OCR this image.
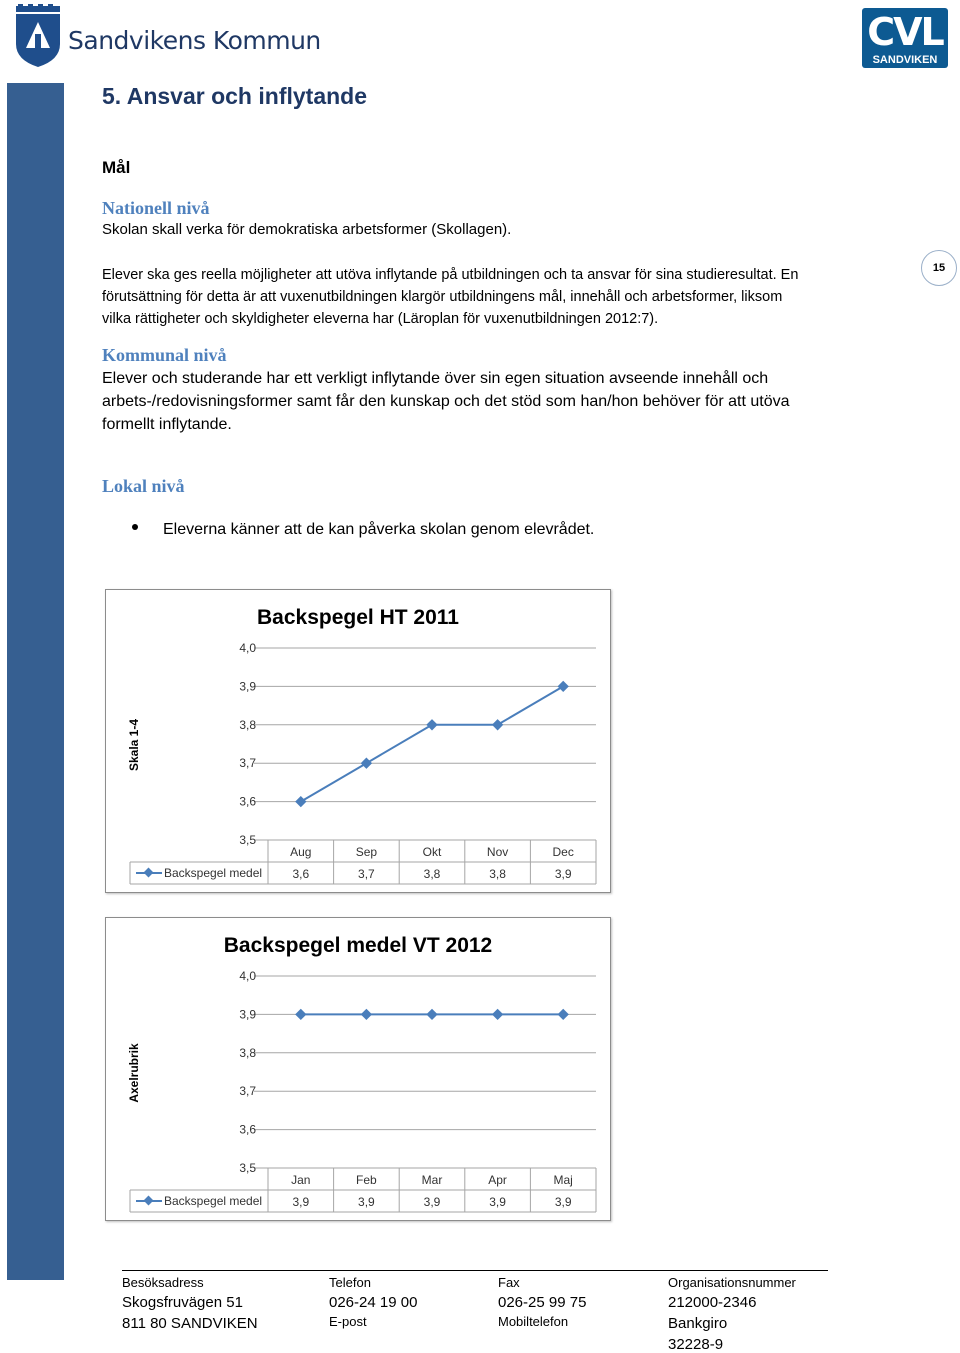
Sandvikens Kommun	CVL
SANDVIKEN
5. Ansvar och inflytande
Mål
Nationell nivå
Skolan skall verka för demokratiska arbetsformer (Skollagen).
Elever ska ges reella möjligheter att utöva inflytande på utbildningen och ta ansvar för sina studieresultat. En
förutsättning för detta är att vuxenutbildningen klargör utbildningens mål, innehåll och arbetsformer, liksom
vilka rättigheter och skyldigheter eleverna har (Läroplan för vuxenutbildningen 2012:7).
15
Kommunal nivå
Elever och studerande har ett verkligt inflytande över sin egen situation avseende innehåll och
arbets-/redovisningsformer samt får den kunskap och det stöd som han/hon behöver för att utöva
formellt inflytande.
Lokal nivå
Eleverna känner att de kan påverka skolan genom elevrådet.
Backspegel HT 2011
Skala 1-4
4,0
3,9
3,8
3,7
3,6
3,5
Aug	Sep	Okt	Nov	Dec
Backspegel medel	3,6	3,7	3,8	3,8	3,9
Backspegel medel VT 2012
Axelrubrik
4,0
3,9
3,8
3,7
3,6
3,5
Jan	Feb	Mar	Apr	Maj
Backspegel medel	3,9	3,9	3,9	3,9	3,9
Besöksadress
Skogsfruvägen 51
811 80 SANDVIKEN
Telefon
026-24 19 00
E-post
Fax
026-25 99 75
Mobiltelefon
Organisationsnummer
212000-2346
Bankgiro
32228-9
